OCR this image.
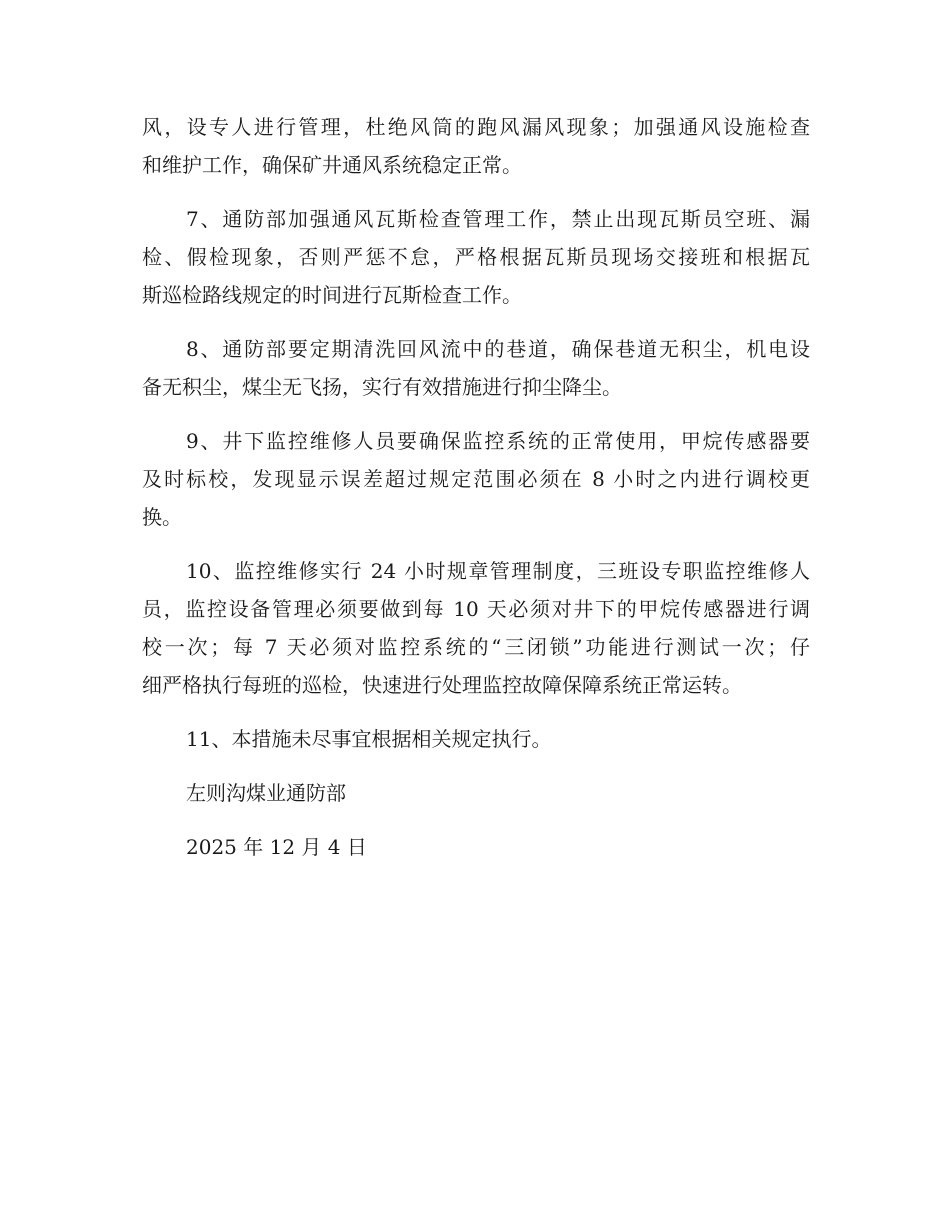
风，设专人进行管理，杜绝风筒的跑风漏风现象；加强通风设施检查
和维护工作，确保矿井通风系统稳定正常。
7、通防部加强通风瓦斯检查管理工作，禁止出现瓦斯员空班、漏
检、假检现象，否则严惩不怠，严格根据瓦斯员现场交接班和根据瓦
斯巡检路线规定的时间进行瓦斯检查工作。
8、通防部要定期清洗回风流中的巷道，确保巷道无积尘，机电设
备无积尘，煤尘无飞扬，实行有效措施进行抑尘降尘。
9、井下监控维修人员要确保监控系统的正常使用，甲烷传感器要
及时标校，发现显示误差超过规定范围必须在 8 小时之内进行调校更
换。
10、监控维修实行 24 小时规章管理制度，三班设专职监控维修人
员，监控设备管理必须要做到每 10 天必须对井下的甲烷传感器进行调
校一次；每 7 天必须对监控系统的“三闭锁”功能进行测试一次；仔
细严格执行每班的巡检，快速进行处理监控故障保障系统正常运转。
11、本措施未尽事宜根据相关规定执行。
左则沟煤业通防部
2025 年 12 月 4 日
